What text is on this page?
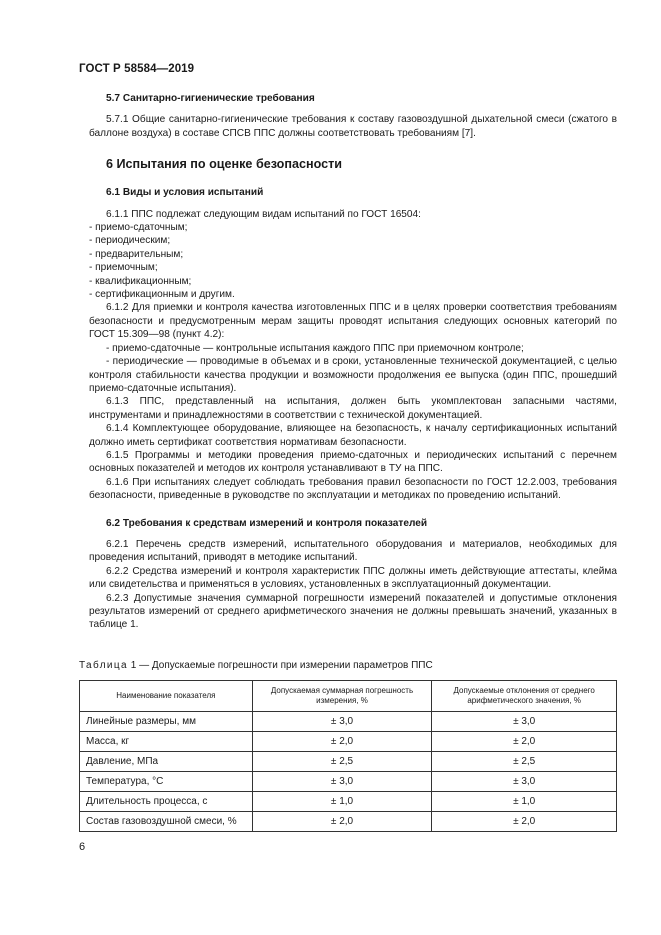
ГОСТ Р 58584—2019

5.7 Санитарно-гигиенические требования

5.7.1 Общие санитарно-гигиенические требования к составу газовоздушной дыхательной смеси (сжатого в баллоне воздуха) в составе СПСВ ППС должны соответствовать требованиям [7].

6 Испытания по оценке безопасности

6.1 Виды и условия испытаний

6.1.1 ППС подлежат следующим видам испытаний по ГОСТ 16504:

- приемо-сдаточным;

- периодическим;

- предварительным;

- приемочным;

- квалификационным;

- сертификационным и другим.

6.1.2 Для приемки и контроля качества изготовленных ППС и в целях проверки соответствия требованиям безопасности и предусмотренным мерам защиты проводят испытания следующих основных категорий по ГОСТ 15.309—98 (пункт 4.2):

- приемо-сдаточные — контрольные испытания каждого ППС при приемочном контроле;

- периодические — проводимые в объемах и в сроки, установленные технической документацией, с целью контроля стабильности качества продукции и возможности продолжения ее выпуска (один ППС, прошедший приемо-сдаточные испытания).

6.1.3 ППС, представленный на испытания, должен быть укомплектован запасными частями, инструментами и принадлежностями в соответствии с технической документацией.

6.1.4 Комплектующее оборудование, влияющее на безопасность, к началу сертификационных испытаний должно иметь сертификат соответствия нормативам безопасности.

6.1.5 Программы и методики проведения приемо-сдаточных и периодических испытаний с перечнем основных показателей и методов их контроля устанавливают в ТУ на ППС.

6.1.6 При испытаниях следует соблюдать требования правил безопасности по ГОСТ 12.2.003, требования безопасности, приведенные в руководстве по эксплуатации и методиках по проведению испытаний.

6.2 Требования к средствам измерений и контроля показателей

6.2.1 Перечень средств измерений, испытательного оборудования и материалов, необходимых для проведения испытаний, приводят в методике испытаний.

6.2.2 Средства измерений и контроля характеристик ППС должны иметь действующие аттестаты, клейма или свидетельства и применяться в условиях, установленных в эксплуатационный документации.

6.2.3 Допустимые значения суммарной погрешности измерений показателей и допустимые отклонения результатов измерений от среднего арифметического значения не должны превышать значений, указанных в таблице 1.

Таблица 1 — Допускаемые погрешности при измерении параметров ППС
Наименование показателя	Допускаемая суммарная погрешность измерения, %	Допускаемые отклонения от среднего арифметического значения, %
Линейные размеры, мм	± 3,0	± 3,0
Масса, кг	± 2,0	± 2,0
Давление, МПа	± 2,5	± 2,5
Температура, °С	± 3,0	± 3,0
Длительность процесса, с	± 1,0	± 1,0
Состав газовоздушной смеси, %	± 2,0	± 2,0
6
